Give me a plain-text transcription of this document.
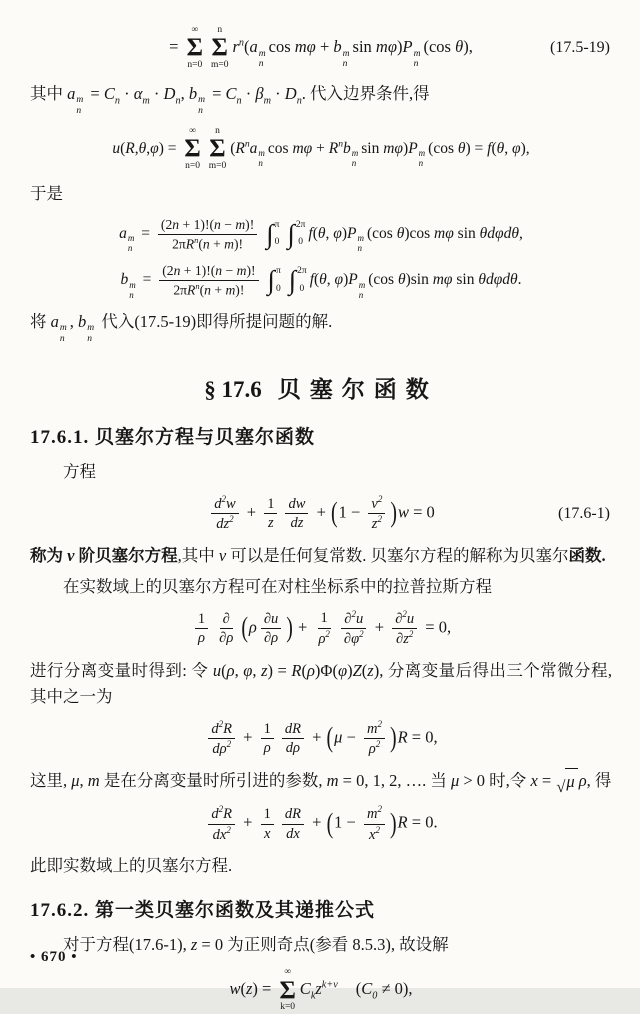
=
∞
Σ
n=0
n
Σ
m=0
$r^n(a$ m
n
cos mφ + b m
n
sin mφ)P m
n
(cos θ),	(17.5-19)

其中 a m
n
= $C_n \cdot \alpha_m \cdot D_n$, b m
n
= $C_n \cdot \beta_m \cdot D_n$. 代入边界条件,得

u(R,θ,φ) =
∞
Σ
n=0
n
Σ
m=0
($R^na$ m
n
$\cos m\varphi + R^nb$ m
n
sin mφ)P m
n
(cos θ) = f(θ, φ),

于是

a m
n
=
(2n + 1)!(n − m)!
$2\pi R^n(n + m)$! ∫ π
0 ∫ 2π
0
f(θ, φ)P m
n
(cos θ)cos mφ sin θdφdθ,
b m
n
=
(2n + 1)!(n − m)!
$2\pi R^n(n + m)$! ∫ π
0 ∫ 2π
0
f(θ, φ)P m
n
(cos θ)sin mφ sin θdφdθ.

将 a m
n
, b m
n
代入(17.5-19)即得所提问题的解.

§ 17.6 贝塞尔函数
17.6.1. 贝塞尔方程与贝塞尔函数

方程

$\frac{d^2w}{dz^2} + \frac{1}{z} \frac{dw}{dz} + (1 - \frac{\nu^2}{z^2} )w = 0$	(17.6-1)

称为 ν 阶贝塞尔方程,其中 ν 可以是任何复常数. 贝塞尔方程的解称为贝塞尔函数.

在实数域上的贝塞尔方程可在对柱坐标系中的拉普拉斯方程

$\frac{1}{\rho}$ ∂
∂ρ ($\rho \frac{\partial u}{\partial\rho}$ ) + $\frac{1}{\rho^2} \frac{\partial^2u}{\partial\varphi^2} + \frac{\partial^2u}{\partial z^2} = 0$,

进行分离变量时得到: 令 u(ρ, φ, z) = R(ρ)Φ(φ)Z(z), 分离变量后得出三个常微分程,其中之一为

$\frac{d^2R}{d\rho^2} + \frac{1}{\rho} \frac{dR}{d\rho} + (\mu - \frac{m^2}{\rho^2} )R = 0$,

这里, μ, m 是在分离变量时所引进的参数, m = 0, 1, 2, …. 当 μ > 0 时,令 x = √ μ ρ, 得

$\frac{d^2R}{dx^2} + \frac{1}{x} \frac{dR}{dx} + (1 - \frac{m^2}{x^2} )R = 0$.

此即实数域上的贝塞尔方程.

17.6.2. 第一类贝塞尔函数及其递推公式

对于方程(17.6-1), z = 0 为正则奇点(参看 8.5.3), 故设解

w(z) =
∞
Σ
k=0
$C_kz^{k+\nu}$ $(C_0 \ne 0)$,
• 670 •
